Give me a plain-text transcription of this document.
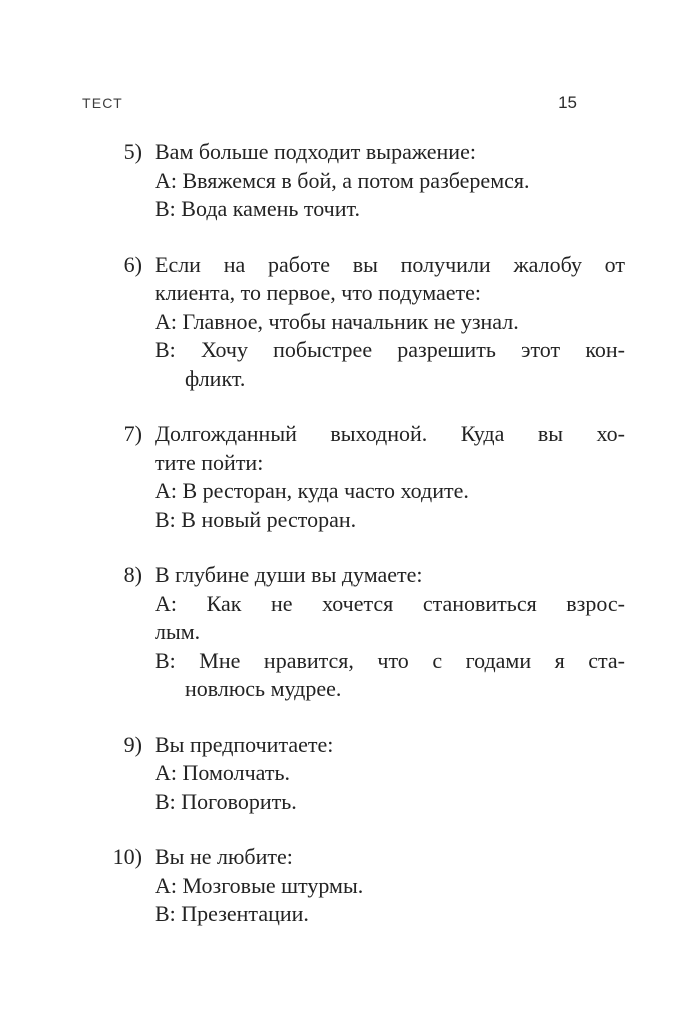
ТЕСТ	15
5) Вам больше подходит выражение:
А: Ввяжемся в бой, а потом разберемся.
В: Вода камень точит.
6) Если на работе вы получили жалобу от
клиента, то первое, что подумаете:
А: Главное, чтобы начальник не узнал.
В: Хочу побыстрее разрешить этот кон-
фликт.
7) Долгожданный выходной. Куда вы хо-
тите пойти:
А: В ресторан, куда часто ходите.
В: В новый ресторан.
8) В глубине души вы думаете:
А: Как не хочется становиться взрос-
лым.
В: Мне нравится, что с годами я ста-
новлюсь мудрее.
9) Вы предпочитаете:
А: Помолчать.
В: Поговорить.
10) Вы не любите:
А: Мозговые штурмы.
В: Презентации.
